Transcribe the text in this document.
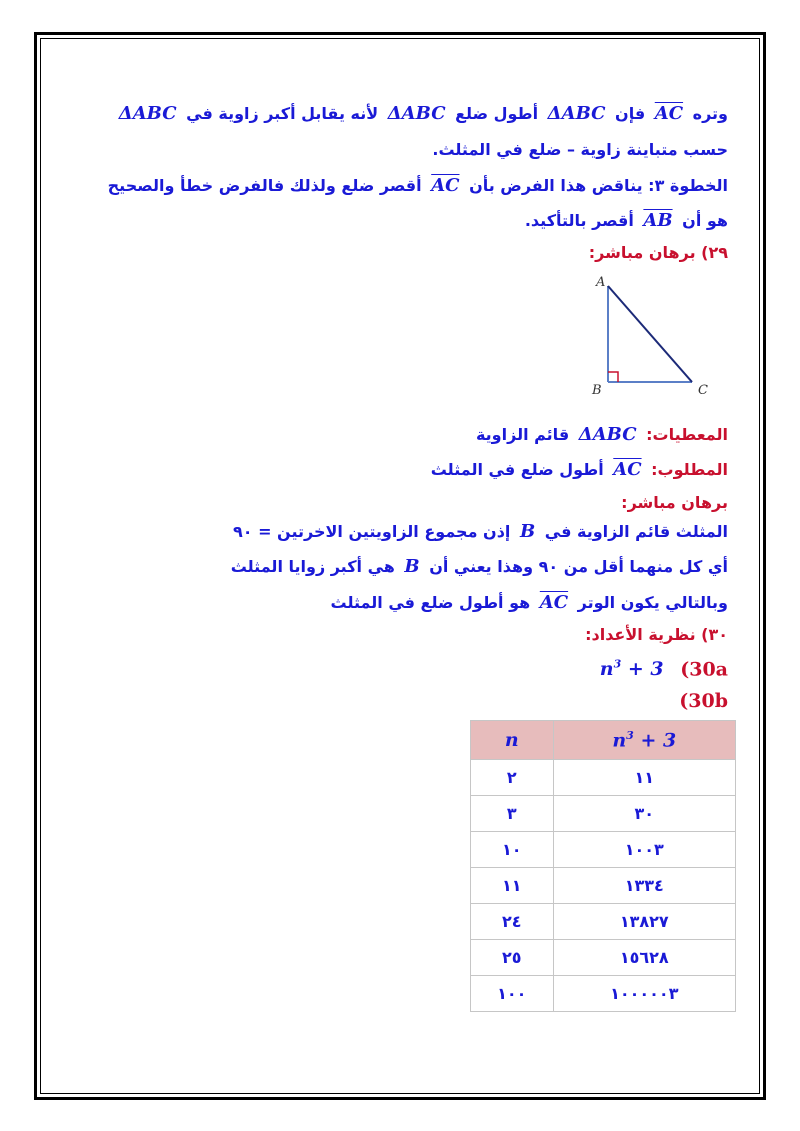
وتره $\overline{AC}$ فإن ΔABC أطول ضلع ΔABC لأنه يقابل أكبر زاوية في ΔABC
حسب متباينة زاوية – ضلع في المثلث.
الخطوة ٣: يناقض هذا الفرض بأن $\overline{AC}$ أقصر ضلع ولذلك فالفرض خطأ والصحيح
هو أن $\overline{AB}$ أقصر بالتأكيد.
٢٩) برهان مباشر:
A
B	C
المعطيات: ΔABC قائم الزاوية
المطلوب: $\overline{AC}$ أطول ضلع في المثلث
برهان مباشر:
المثلث قائم الزاوية في B إذن مجموع الزاويتين الاخرتين = ٩٠
أي كل منهما أقل من ٩٠ وهذا يعني أن B هي أكبر زوايا المثلث
وبالتالي يكون الوتر $\overline{AC}$ هو أطول ضلع في المثلث
٣٠) نظرية الأعداد:
$n^3 + 3$ (30a
(30b
n	$n^3 + 3$
٢	١١
٣	٣٠
١٠	١٠٠٣
١١	١٣٣٤
٢٤	١٣٨٢٧
٢٥	١٥٦٢٨
١٠٠	١٠٠٠٠٠٣
